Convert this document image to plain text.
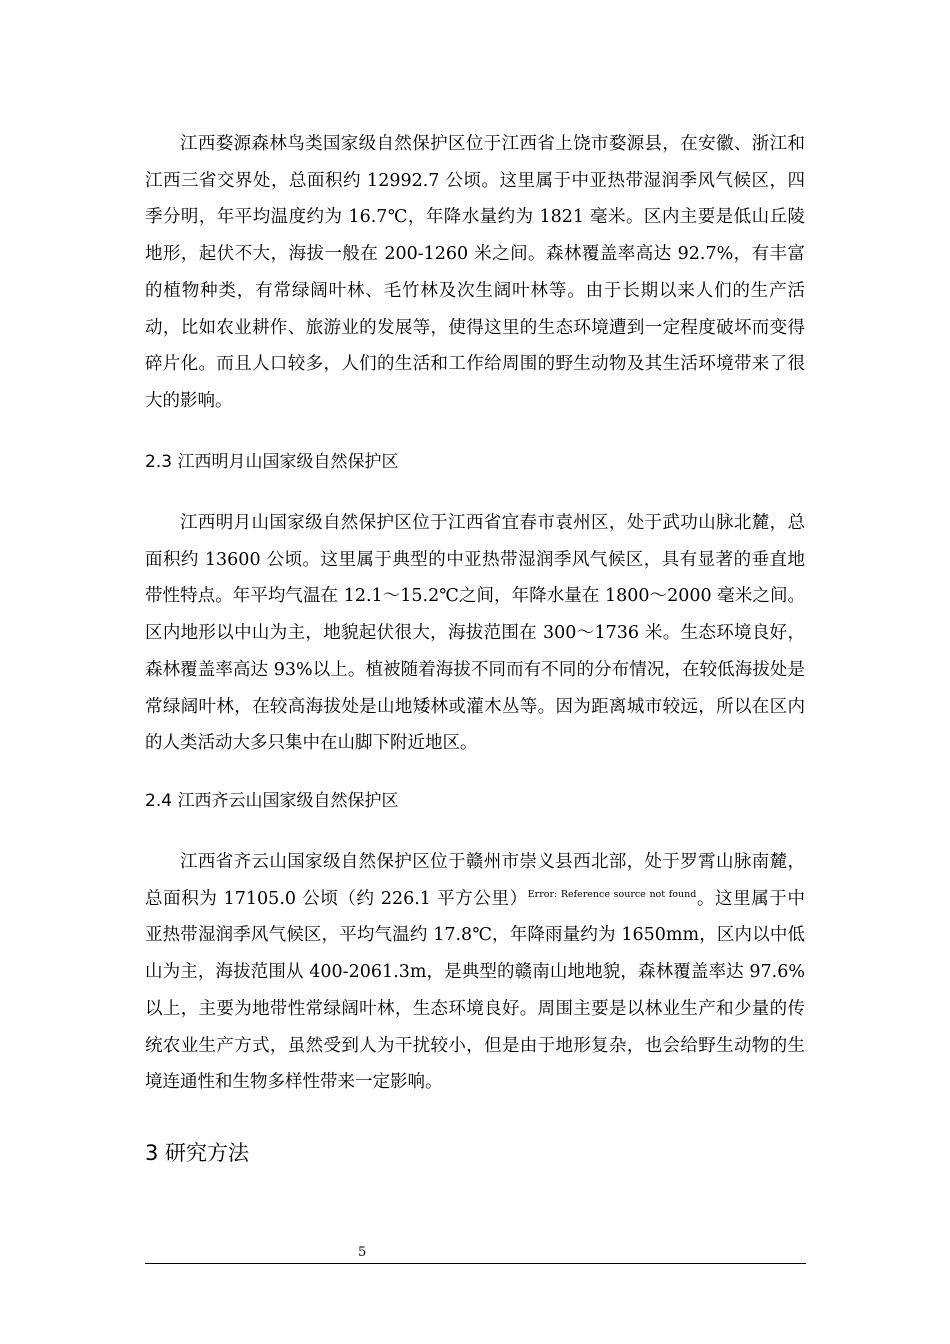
江西婺源森林鸟类国家级自然保护区位于江西省上饶市婺源县，在安徽、浙江和江西三省交界处，总面积约 12992.7 公顷。这里属于中亚热带湿润季风气候区，四季分明，年平均温度约为 16.7℃，年降水量约为 1821 毫米。区内主要是低山丘陵地形，起伏不大，海拔一般在 200-1260 米之间。森林覆盖率高达 92.7%，有丰富的植物种类，有常绿阔叶林、毛竹林及次生阔叶林等。由于长期以来人们的生产活动，比如农业耕作、旅游业的发展等，使得这里的生态环境遭到一定程度破坏而变得碎片化。而且人口较多，人们的生活和工作给周围的野生动物及其生活环境带来了很大的影响。

2.3 江西明月山国家级自然保护区

江西明月山国家级自然保护区位于江西省宜春市袁州区，处于武功山脉北麓，总面积约 13600 公顷。这里属于典型的中亚热带湿润季风气候区，具有显著的垂直地带性特点。年平均气温在 12.1～15.2℃之间，年降水量在 1800～2000 毫米之间。区内地形以中山为主，地貌起伏很大，海拔范围在 300～1736 米。生态环境良好，森林覆盖率高达 93%以上。植被随着海拔不同而有不同的分布情况，在较低海拔处是常绿阔叶林，在较高海拔处是山地矮林或灌木丛等。因为距离城市较远，所以在区内的人类活动大多只集中在山脚下附近地区。

2.4 江西齐云山国家级自然保护区

江西省齐云山国家级自然保护区位于赣州市崇义县西北部，处于罗霄山脉南麓，总面积为 17105.0 公顷（约 226.1 平方公里）$^{Error: Reference source not found}$。这里属于中亚热带湿润季风气候区，平均气温约 17.8℃，年降雨量约为 1650mm，区内以中低山为主，海拔范围从 400-2061.3m，是典型的赣南山地地貌，森林覆盖率达 97.6%以上，主要为地带性常绿阔叶林，生态环境良好。周围主要是以林业生产和少量的传统农业生产方式，虽然受到人为干扰较小，但是由于地形复杂，也会给野生动物的生境连通性和生物多样性带来一定影响。

3 研究方法
5
